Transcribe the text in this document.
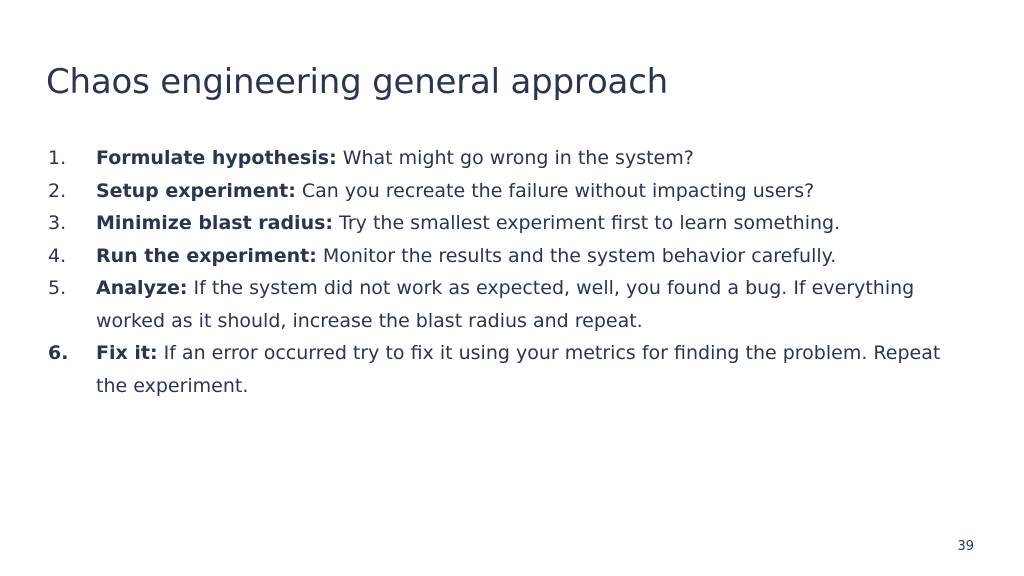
Chaos engineering general approach
1.	Formulate hypothesis: What might go wrong in the system?
2.	Setup experiment: Can you recreate the failure without impacting users?
3.	Minimize blast radius: Try the smallest experiment first to learn something.
4.	Run the experiment: Monitor the results and the system behavior carefully.
5.	Analyze: If the system did not work as expected, well, you found a bug. If everything worked as it should, increase the blast radius and repeat.
6.	Fix it: If an error occurred try to fix it using your metrics for finding the problem. Repeat the experiment.
39
